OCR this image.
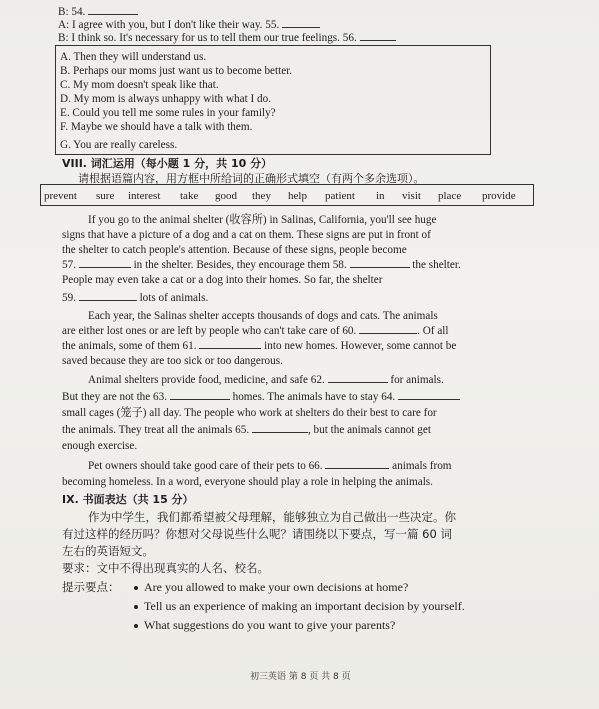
B: 54.
A: I agree with you, but I don't like their way. 55.
B: I think so. It's necessary for us to tell them our true feelings. 56.
A. Then they will understand us.
B. Perhaps our moms just want us to become better.
C. My mom doesn't speak like that.
D. My mom is always unhappy with what I do.
E. Could you tell me some rules in your family?
F. Maybe we should have a talk with them.
G. You are really careless.
VIII. 词汇运用（每小题 1 分，共 10 分）
请根据语篇内容，用方框中所给词的正确形式填空（有两个多余选项）。
prevent sure interest take good they help patient in visit place provide
If you go to the animal shelter (收容所) in Salinas, California, you'll see huge
signs that have a picture of a dog and a cat on them. These signs are put in front of
the shelter to catch people's attention. Because of these signs, people become
57.	in the shelter. Besides, they encourage them 58.	the shelter.
People may even take a cat or a dog into their homes. So far, the shelter
59.	lots of animals.
Each year, the Salinas shelter accepts thousands of dogs and cats. The animals
are either lost ones or are left by people who can't take care of 60.	. Of all
the animals, some of them 61.	into new homes. However, some cannot be
saved because they are too sick or too dangerous.
Animal shelters provide food, medicine, and safe 62.	for animals.
But they are not the 63.	homes. The animals have to stay 64.
small cages (笼子) all day. The people who work at shelters do their best to care for
the animals. They treat all the animals 65.	, but the animals cannot get
enough exercise.
Pet owners should take good care of their pets to 66.	animals from
becoming homeless. In a word, everyone should play a role in helping the animals.
IX. 书面表达（共 15 分）
作为中学生，我们都希望被父母理解，能够独立为自己做出一些决定。你
有过这样的经历吗？你想对父母说些什么呢？请围绕以下要点，写一篇 60 词
左右的英语短文。
要求：文中不得出现真实的人名、校名。
提示要点：	Are you allowed to make your own decisions at home?
Tell us an experience of making an important decision by yourself.
What suggestions do you want to give your parents?
初三英语 第 8 页 共 8 页
